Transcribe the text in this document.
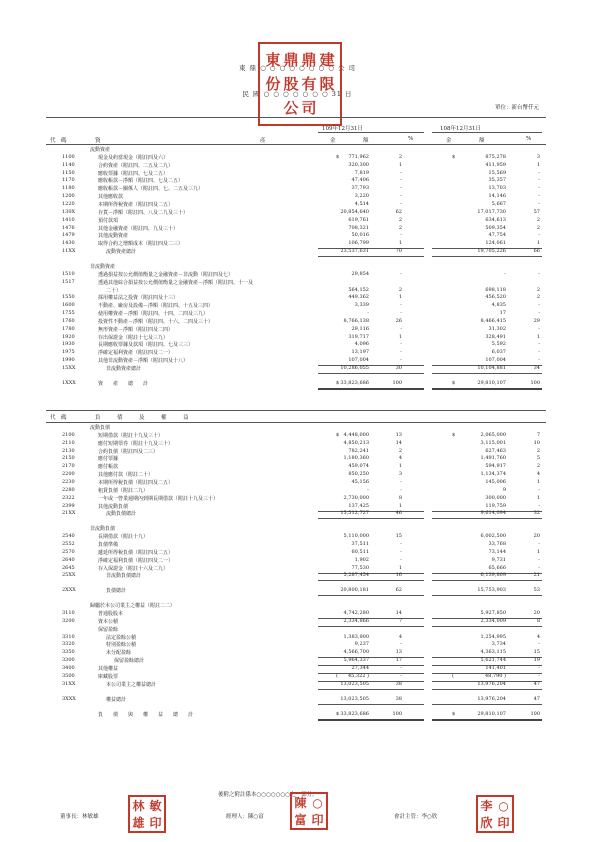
東 鼎 ○ ○ ○ ○ ○ ○ ○ ○ 公 司
民 國 ○ ○ ○ ○ ○ ○ ○ 31 日
單位：新台幣仟元
東 鼎 鼎 建
份 股 有 限
公 司
109年12月31日	108年12月31日
代　碼	資　　　　　　　　　　　　　　　　　　　　　　　　　　　　　產	金　　　　　額	%	金　　　　　額	%
流動資產
1100	現金及約當現金（附註四及六）	$ 771,962	2	$	875,278	3
1140	合約資產（附註四、二五及二九）	320,300	1	411,959	1
1150	應收票據（附註四、七及二五）	7,819	-	15,569	-
1170	應收帳款－淨額（附註四、七及二五）	47,406	-	35,357	-
1180	應收帳款－關係人（附註四、七、二五及三九）	37,793	-	13,703	-
1200	其他應收款	3,220	-	14,146	-
1220	本期所得稅資產（附註四及二五）	4,514	-	5,667	-
130X	存貨－淨額（附註四、八及二九及三十）	20,854,640	62	17,017,730	57
1410	預付款項	619,761	2	634,613	2
1476	其他金融資產（附註四、九及三十）	708,321	2	509,354	2
1479	其他流動資產	50,016	-	47,754	-
1430	取得合約之增額成本（附註四及二三）	106,799	1	124,061	1
11XX	流動資產總計	23,537,631	70	19,705,226	66
非流動資產
1510	透過損益按公允價值衡量之金融資產－非流動（附註四及七）	29,854	-	-	-
1517	透過其他綜合損益按公允價值衡量之金融資產－淨額（附註四、十一及
二十）	564,152	2	698,118	2
1550	採用權益法之投資（附註四及十三）	449,362	1	456,520	2
1600	不動產、廠房及設備－淨額（附註四、十五及三四）	3,339	-	4,835	-
1755	使用權資產－淨額（附註四、十四、二四及三九）	-	-	17	-
1760	投資性不動產－淨額（附註四、十六、二四及三十）	8,766,138	26	8,466,415	29
1780	無形資產－淨額（附註四及二四）	29,116	-	31,302	-
1920	存出保證金（附註十七及三九）	319,717	1	328,491	1
1930	長期應收票據及款項（附註四、七及三三）	4,096	-	5,592	-
1975	淨確定福利資產（附註四及二一）	13,197	-	6,037	-
1990	其他非流動資產－淨額（附註四及十八）	107,004	-	107,004	-
15XX	非流動資產總計	10,286,055	30	10,104,881	34
1XXX	資　　產　　總　　計	$ 33,823,686	100	$	29,810,107	100
代　碼	負　　　債　　　及　　　權　　　益
流動負債
2100	短期借款（附註十九及三十）	$ 4,448,000	13	$	2,065,000	7
2110	應付短期票券（附註十九及三十）	4,850,213	14	3,115,001	10
2130	合約負債（附註四及二三）	782,241	2	627,463	2
2150	應付票據	1,180,360	4	1,491,760	5
2170	應付帳款	459,074	1	594,917	2
2200	其他應付款（附註二十）	850,250	3	1,134,374	4
2230	本期所得稅負債（附註四及二五）	45,156	-	145,006	1
2280	租賃負債（附註二九）	-	-	9	-
2322	一年或一營業週期內到期長期借款（附註十九及三十）	2,730,000	8	300,000	1
2399	其他流動負債	137,425	1	119,759	-
21XX	流動負債總計	15,512,727	46	9,614,094	32
非流動負債
2540	長期借款（附註十九）	5,110,000	15	6,002,500	20
2552	負債準備	37,511	-	33,768	-
2570	遞延所得稅負債（附註四及二五）	60,511	-	73,144	1
2640	淨確定福利負債（附註四及二一）	1,902	-	9,731	-
2645	存入保證金（附註十六及二九）	77,530	1	65,666	-
25XX	非流動負債總計	5,287,454	16	6,139,809	21
2XXX	負債總計	20,800,181	62	15,753,903	53
歸屬於本公司業主之權益（附註二二）
3110	普通股股本	4,742,280	14	5,927,850	20
3200	資本公積	2,334,866	7	2,334,009	8
保留盈餘
3310	法定盈餘公積	1,383,900	4	1,254,995	4
3320	特別盈餘公積	9,237	-	3,734	-
3350	未分配盈餘	4,566,700	13	4,363,115	15
3300	保留盈餘總計	5,964,337	17	5,621,744	19
3400	其他權益	27,344	-	141,401	-
3500	庫藏股票	( 45,322 )	-	(	48,790 )	-
31XX	本公司業主之權益總計	13,023,505	38	13,976,204	47
3XXX	權益總計	13,023,505	38	13,976,204	47
負　　債　　與　　權　　益　　總　　計	$ 33,823,686	100	$	29,810,107	100
後附之附註係本○○○○○○○之一部分。
董事長：林敏雄	經理人：陳○富	會計主管：李○欣
林 敏
雄 印
陳 ○
富 印
李 ○
欣 印
